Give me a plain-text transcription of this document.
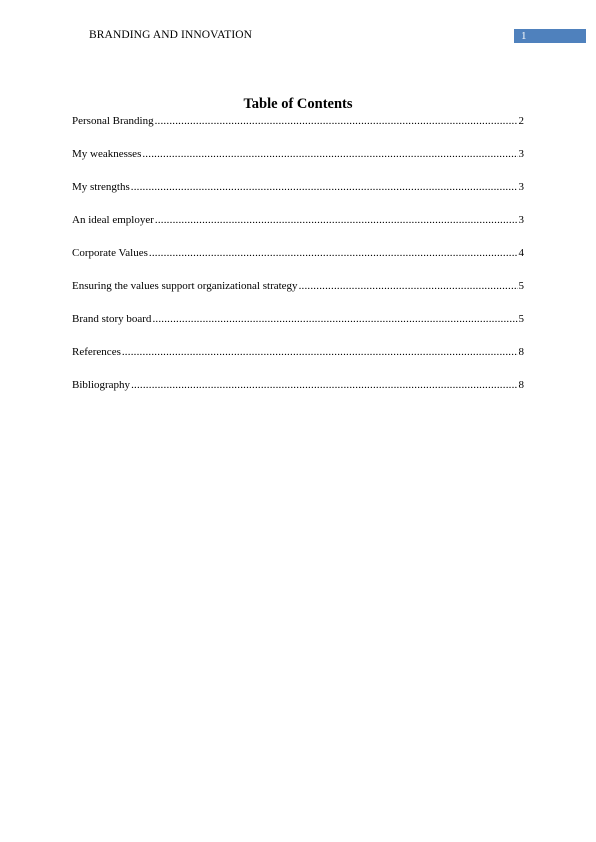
BRANDING AND INNOVATION	1
Table of Contents
Personal Branding .....	2
My weaknesses .....	3
My strengths .....	3
An ideal employer .....	3
Corporate Values .....	4
Ensuring the values support organizational strategy .....	5
Brand story board .....	5
References .....	8
Bibliography .....	8
